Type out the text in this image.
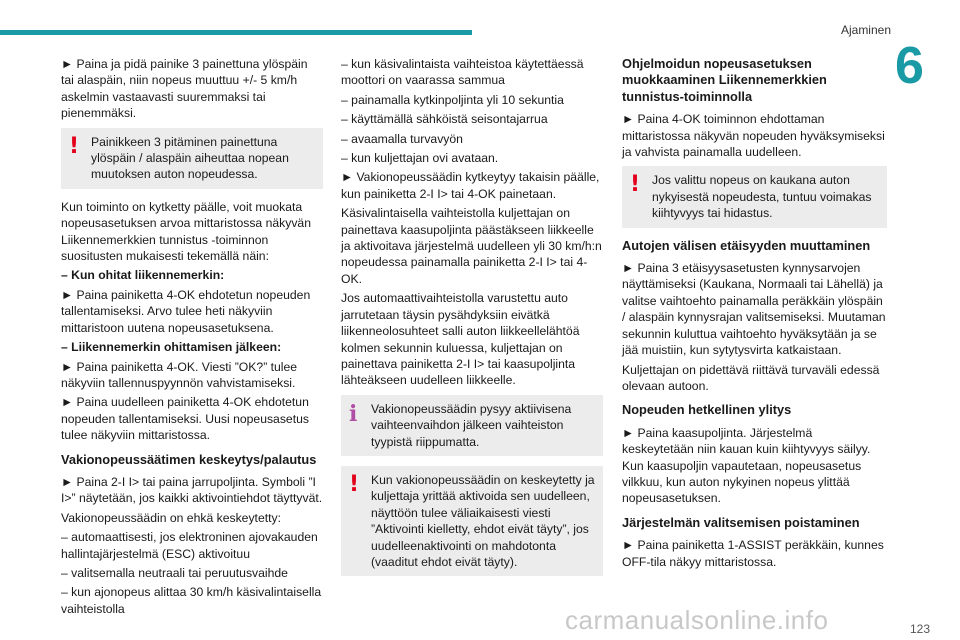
Ajaminen
6

► Paina ja pidä painike 3 painettuna ylöspäin tai alaspäin, niin nopeus muuttuu +/- 5 km/h askelmin vastaavasti suuremmaksi tai pienemmäksi.

! Painikkeen 3 pitäminen painettuna ylöspäin / alaspäin aiheuttaa nopean muutoksen auton nopeudessa.

Kun toiminto on kytketty päälle, voit muokata nopeusasetuksen arvoa mittaristossa näkyvän Liikennemerkkien tunnistus -toiminnon suositusten mukaisesti tekemällä näin:

– Kun ohitat liikennemerkin:

► Paina painiketta 4-OK ehdotetun nopeuden tallentamiseksi. Arvo tulee heti näkyviin mittaristoon uutena nopeusasetuksena.

– Liikennemerkin ohittamisen jälkeen:

► Paina painiketta 4-OK. Viesti ”OK?” tulee näkyviin tallennuspyynnön vahvistamiseksi.

► Paina uudelleen painiketta 4-OK ehdotetun nopeuden tallentamiseksi. Uusi nopeusasetus tulee näkyviin mittaristossa.

Vakionopeussäätimen keskeytys/palautus

► Paina 2-I I> tai paina jarrupoljinta. Symboli ”I I>” näytetään, jos kaikki aktivointiehdot täyttyvät.

Vakionopeussäädin on ehkä keskeytetty:

– automaattisesti, jos elektroninen ajovakauden hallintajärjestelmä (ESC) aktivoituu

– valitsemalla neutraali tai peruutusvaihde

– kun ajonopeus alittaa 30 km/h käsivalintaisella vaihteistolla

– kun käsivalintaista vaihteistoa käytettäessä moottori on vaarassa sammua

– painamalla kytkinpoljinta yli 10 sekuntia

– käyttämällä sähköistä seisontajarrua

– avaamalla turvavyön

– kun kuljettajan ovi avataan.

► Vakionopeussäädin kytkeytyy takaisin päälle, kun painiketta 2-I I> tai 4-OK painetaan.

Käsivalintaisella vaihteistolla kuljettajan on painettava kaasupoljinta päästäkseen liikkeelle ja aktivoitava järjestelmä uudelleen yli 30 km/h:n nopeudessa painamalla painiketta 2-I I> tai 4-OK.

Jos automaattivaihteistolla varustettu auto jarrutetaan täysin pysähdyksiin eivätkä liikenneolosuhteet salli auton liikkeellelähtöä kolmen sekunnin kuluessa, kuljettajan on painettava painiketta 2-I I> tai kaasupoljinta lähteäkseen uudelleen liikkeelle.

i	Vakionopeussäädin pysyy aktiivisena vaihteenvaihdon jälkeen vaihteiston tyypistä riippumatta.
! Kun vakionopeussäädin on keskeytetty ja kuljettaja yrittää aktivoida sen uudelleen, näyttöön tulee väliaikaisesti viesti ”Aktivointi kielletty, ehdot eivät täyty”, jos uudelleenaktivointi on mahdotonta (vaaditut ehdot eivät täyty).

Ohjelmoidun nopeusasetuksen muokkaaminen Liikennemerkkien tunnistus-toiminnolla

► Paina 4-OK toiminnon ehdottaman mittaristossa näkyvän nopeuden hyväksymiseksi ja vahvista painamalla uudelleen.

! Jos valittu nopeus on kaukana auton nykyisestä nopeudesta, tuntuu voimakas kiihtyvyys tai hidastus.

Autojen välisen etäisyyden muuttaminen

► Paina 3 etäisyysasetusten kynnysarvojen näyttämiseksi (Kaukana, Normaali tai Lähellä) ja valitse vaihtoehto painamalla peräkkäin ylöspäin / alaspäin kynnysrajan valitsemiseksi. Muutaman sekunnin kuluttua vaihtoehto hyväksytään ja se jää muistiin, kun sytytysvirta katkaistaan.

Kuljettajan on pidettävä riittävä turvaväli edessä olevaan autoon.

Nopeuden hetkellinen ylitys

► Paina kaasupoljinta. Järjestelmä keskeytetään niin kauan kuin kiihtyvyys säilyy. Kun kaasupoljin vapautetaan, nopeusasetus vilkkuu, kun auton nykyinen nopeus ylittää nopeusasetuksen.

Järjestelmän valitsemisen poistaminen

► Paina painiketta 1-ASSIST peräkkäin, kunnes OFF-tila näkyy mittaristossa.

carmanualsonline.info	123
